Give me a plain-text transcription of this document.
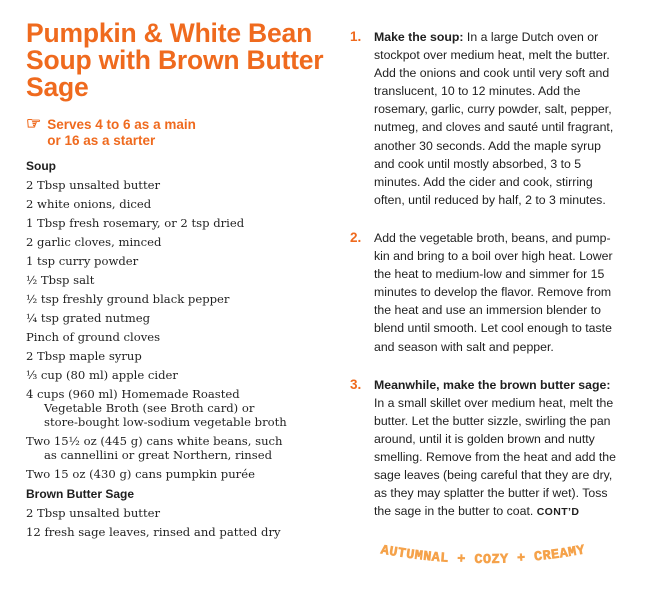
Pumpkin & White Bean Soup with Brown Butter Sage
☞ Serves 4 to 6 as a main
or 16 as a starter
Soup
2 Tbsp unsalted butter
2 white onions, diced
1 Tbsp fresh rosemary, or 2 tsp dried
2 garlic cloves, minced
1 tsp curry powder
½ Tbsp salt
½ tsp freshly ground black pepper
¼ tsp grated nutmeg
Pinch of ground cloves
2 Tbsp maple syrup
⅓ cup (80 ml) apple cider
4 cups (960 ml) Homemade Roasted
Vegetable Broth (see Broth card) or
store-bought low-sodium vegetable broth
Two 15½ oz (445 g) cans white beans, such
as cannellini or great Northern, rinsed
Two 15 oz (430 g) cans pumpkin purée
Brown Butter Sage
2 Tbsp unsalted butter
12 fresh sage leaves, rinsed and patted dry
1.	Make the soup: In a large Dutch oven or stockpot over medium heat, melt the butter. Add the onions and cook until very soft and translucent, 10 to 12 minutes. Add the rosemary, garlic, curry powder, salt, pepper, nutmeg, and cloves and sauté until fragrant, another 30 seconds. Add the maple syrup and cook until mostly absorbed, 3 to 5 minutes. Add the cider and cook, stirring often, until reduced by half, 2 to 3 minutes.
2.	Add the vegetable broth, beans, and pump-kin and bring to a boil over high heat. Lower the heat to medium-low and simmer for 15 minutes to develop the flavor. Remove from the heat and use an immersion blender to blend until smooth. Let cool enough to taste and season with salt and pepper.
3.	Meanwhile, make the brown butter sage: In a small skillet over medium heat, melt the butter. Let the butter sizzle, swirling the pan around, until it is golden brown and nutty smelling. Remove from the heat and add the sage leaves (being careful that they are dry, as they may splatter the butter if wet). Toss the sage in the butter to coat. CONT’D
AUTUMNAL + COZY + CREAMY
